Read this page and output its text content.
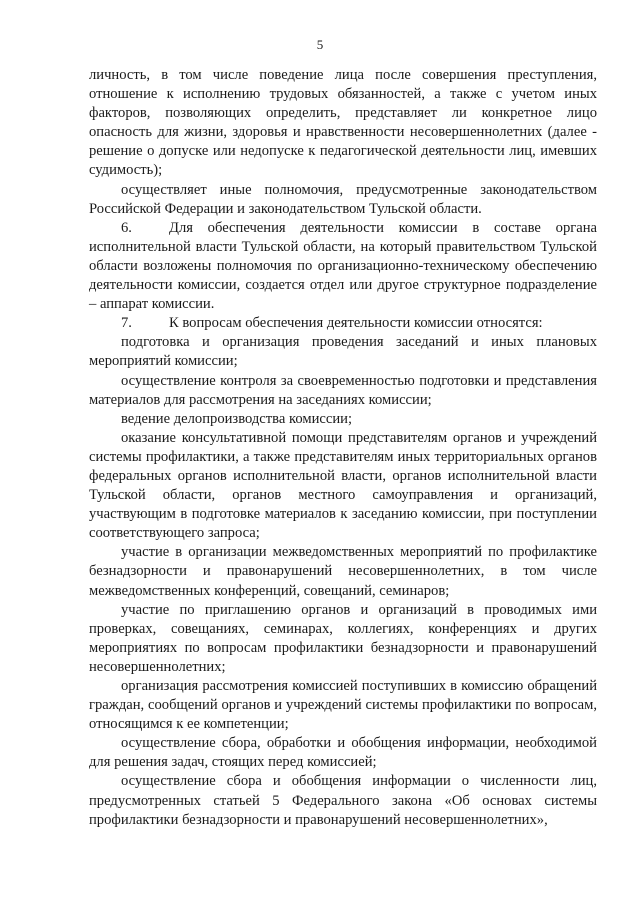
5

личность, в том числе поведение лица после совершения преступления, отношение к исполнению трудовых обязанностей, а также с учетом иных факторов, позволяющих определить, представляет ли конкретное лицо опасность для жизни, здоровья и нравственности несовершеннолетних (далее - решение о допуске или недопуске к педагогической деятельности лиц, имевших судимость);

осуществляет иные полномочия, предусмотренные законодательством Российской Федерации и законодательством Тульской области.

6.	Для обеспечения деятельности комиссии в составе органа исполнительной власти Тульской области, на который правительством Тульской области возложены полномочия по организационно-техническому обеспечению деятельности комиссии, создается отдел или другое структурное подразделение – аппарат комиссии.

7.	К вопросам обеспечения деятельности комиссии относятся:

подготовка и организация проведения заседаний и иных плановых мероприятий комиссии;

осуществление контроля за своевременностью подготовки и представления материалов для рассмотрения на заседаниях комиссии;

ведение делопроизводства комиссии;

оказание консультативной помощи представителям органов и учреждений системы профилактики, а также представителям иных территориальных органов федеральных органов исполнительной власти, органов исполнительной власти Тульской области, органов местного самоуправления и организаций, участвующим в подготовке материалов к заседанию комиссии, при поступлении соответствующего запроса;

участие в организации межведомственных мероприятий по профилактике безнадзорности и правонарушений несовершеннолетних, в том числе межведомственных конференций, совещаний, семинаров;

участие по приглашению органов и организаций в проводимых ими проверках, совещаниях, семинарах, коллегиях, конференциях и других мероприятиях по вопросам профилактики безнадзорности и правонарушений несовершеннолетних;

организация рассмотрения комиссией поступивших в комиссию обращений граждан, сообщений органов и учреждений системы профилактики по вопросам, относящимся к ее компетенции;

осуществление сбора, обработки и обобщения информации, необходимой для решения задач, стоящих перед комиссией;

осуществление сбора и обобщения информации о численности лиц, предусмотренных статьей 5 Федерального закона «Об основах системы профилактики безнадзорности и правонарушений несовершеннолетних»,
